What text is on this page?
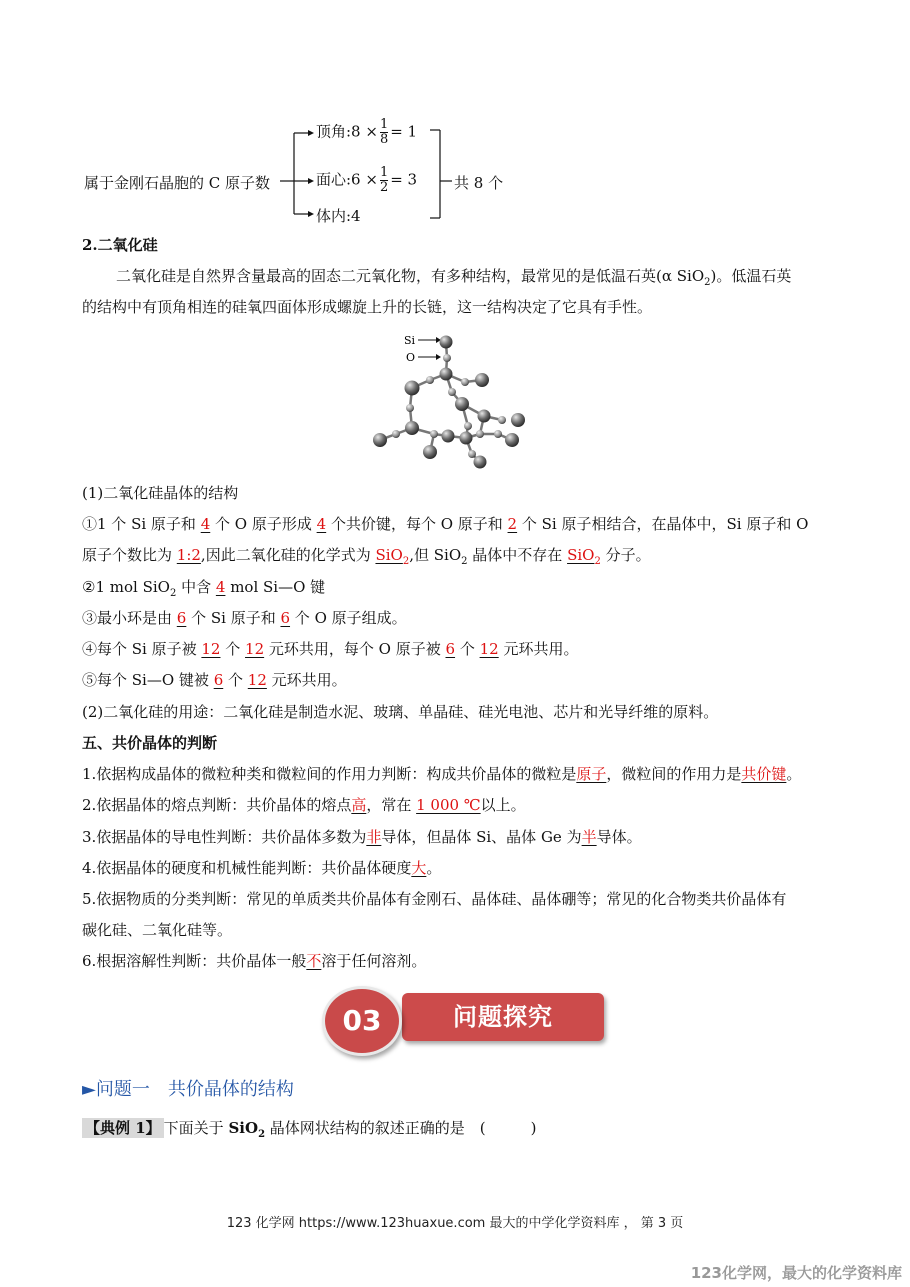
属于金刚石晶胞的 C 原子数
顶角:8 × $\frac{1}{8} = 1$
面心:6 × $\frac{1}{2} = 3$
体内:4
共 8 个
2.二氧化硅
二氧化硅是自然界含量最高的固态二元氧化物，有多种结构，最常见的是低温石英(α SiO$_2$)。低温石英
的结构中有顶角相连的硅氧四面体形成螺旋上升的长链，这一结构决定了它具有手性。
Si
O
(1)二氧化硅晶体的结构
①1 个 Si 原子和 4 个 O 原子形成 4 个共价键，每个 O 原子和 2 个 Si 原子相结合，在晶体中，Si 原子和 O
原子个数比为 1:2,因此二氧化硅的化学式为 SiO$_2$,但 SiO$_2$ 晶体中不存在 SiO$_2$ 分子。
②1 mol SiO$_2$ 中含 4 mol Si—O 键
③最小环是由 6 个 Si 原子和 6 个 O 原子组成。
④每个 Si 原子被 12 个 12 元环共用，每个 O 原子被 6 个 12 元环共用。
⑤每个 Si—O 键被 6 个 12 元环共用。
(2)二氧化硅的用途：二氧化硅是制造水泥、玻璃、单晶硅、硅光电池、芯片和光导纤维的原料。
五、共价晶体的判断
1.依据构成晶体的微粒种类和微粒间的作用力判断：构成共价晶体的微粒是原子，微粒间的作用力是共价键。
2.依据晶体的熔点判断：共价晶体的熔点高，常在 1 000 ℃以上。
3.依据晶体的导电性判断：共价晶体多数为非导体，但晶体 Si、晶体 Ge 为半导体。
4.依据晶体的硬度和机械性能判断：共价晶体硬度大。
5.依据物质的分类判断：常见的单质类共价晶体有金刚石、晶体硅、晶体硼等；常见的化合物类共价晶体有
碳化硅、二氧化硅等。
6.根据溶解性判断：共价晶体一般不溶于任何溶剂。
问题探究
03
►问题一　共价晶体的结构
【典例 1】 下面关于 SiO$_2$ 晶体网状结构的叙述正确的是　(　　　)
123 化学网 https://www.123huaxue.com 最大的中学化学资料库 ， 第 3 页
123化学网，最大的化学资料库
